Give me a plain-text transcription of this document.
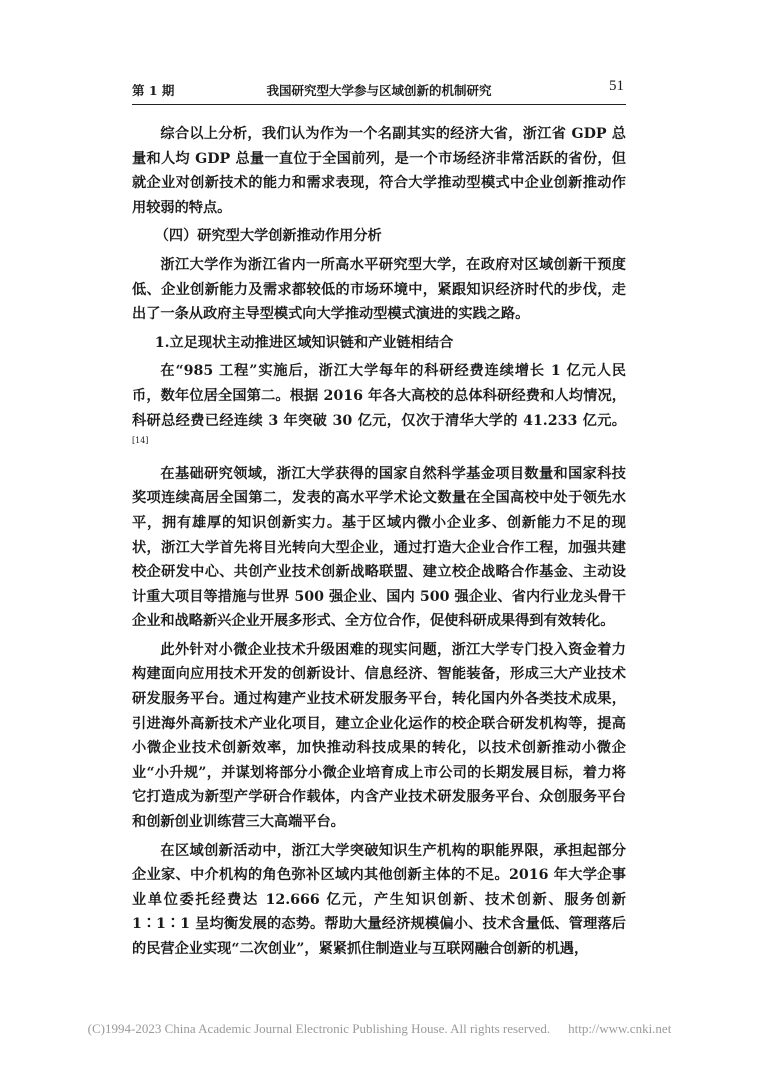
第 1 期	我国研究型大学参与区域创新的机制研究	51

综合以上分析，我们认为作为一个名副其实的经济大省，浙江省 GDP 总量和人均 GDP 总量一直位于全国前列，是一个市场经济非常活跃的省份，但就企业对创新技术的能力和需求表现，符合大学推动型模式中企业创新推动作用较弱的特点。

（四）研究型大学创新推动作用分析

浙江大学作为浙江省内一所高水平研究型大学，在政府对区域创新干预度低、企业创新能力及需求都较低的市场环境中，紧跟知识经济时代的步伐，走出了一条从政府主导型模式向大学推动型模式演进的实践之路。

1.立足现状主动推进区域知识链和产业链相结合

在“985 工程”实施后，浙江大学每年的科研经费连续增长 1 亿元人民币，数年位居全国第二。根据 2016 年各大高校的总体科研经费和人均情况，科研总经费已经连续 3 年突破 30 亿元，仅次于清华大学的 41.233 亿元。[14]

在基础研究领域，浙江大学获得的国家自然科学基金项目数量和国家科技奖项连续高居全国第二，发表的高水平学术论文数量在全国高校中处于领先水平，拥有雄厚的知识创新实力。基于区域内微小企业多、创新能力不足的现状，浙江大学首先将目光转向大型企业，通过打造大企业合作工程，加强共建校企研发中心、共创产业技术创新战略联盟、建立校企战略合作基金、主动设计重大项目等措施与世界 500 强企业、国内 500 强企业、省内行业龙头骨干企业和战略新兴企业开展多形式、全方位合作，促使科研成果得到有效转化。

此外针对小微企业技术升级困难的现实问题，浙江大学专门投入资金着力构建面向应用技术开发的创新设计、信息经济、智能装备，形成三大产业技术研发服务平台。通过构建产业技术研发服务平台，转化国内外各类技术成果，引进海外高新技术产业化项目，建立企业化运作的校企联合研发机构等，提高小微企业技术创新效率，加快推动科技成果的转化，以技术创新推动小微企业“小升规”，并谋划将部分小微企业培育成上市公司的长期发展目标，着力将它打造成为新型产学研合作载体，内含产业技术研发服务平台、众创服务平台和创新创业训练营三大高端平台。

在区域创新活动中，浙江大学突破知识生产机构的职能界限，承担起部分企业家、中介机构的角色弥补区域内其他创新主体的不足。2016 年大学企事业单位委托经费达 12.666 亿元，产生知识创新、技术创新、服务创新 1∶1∶1 呈均衡发展的态势。帮助大量经济规模偏小、技术含量低、管理落后的民营企业实现“二次创业”，紧紧抓住制造业与互联网融合创新的机遇，

(C)1994-2023 China Academic Journal Electronic Publishing House. All rights reserved. http://www.cnki.net
